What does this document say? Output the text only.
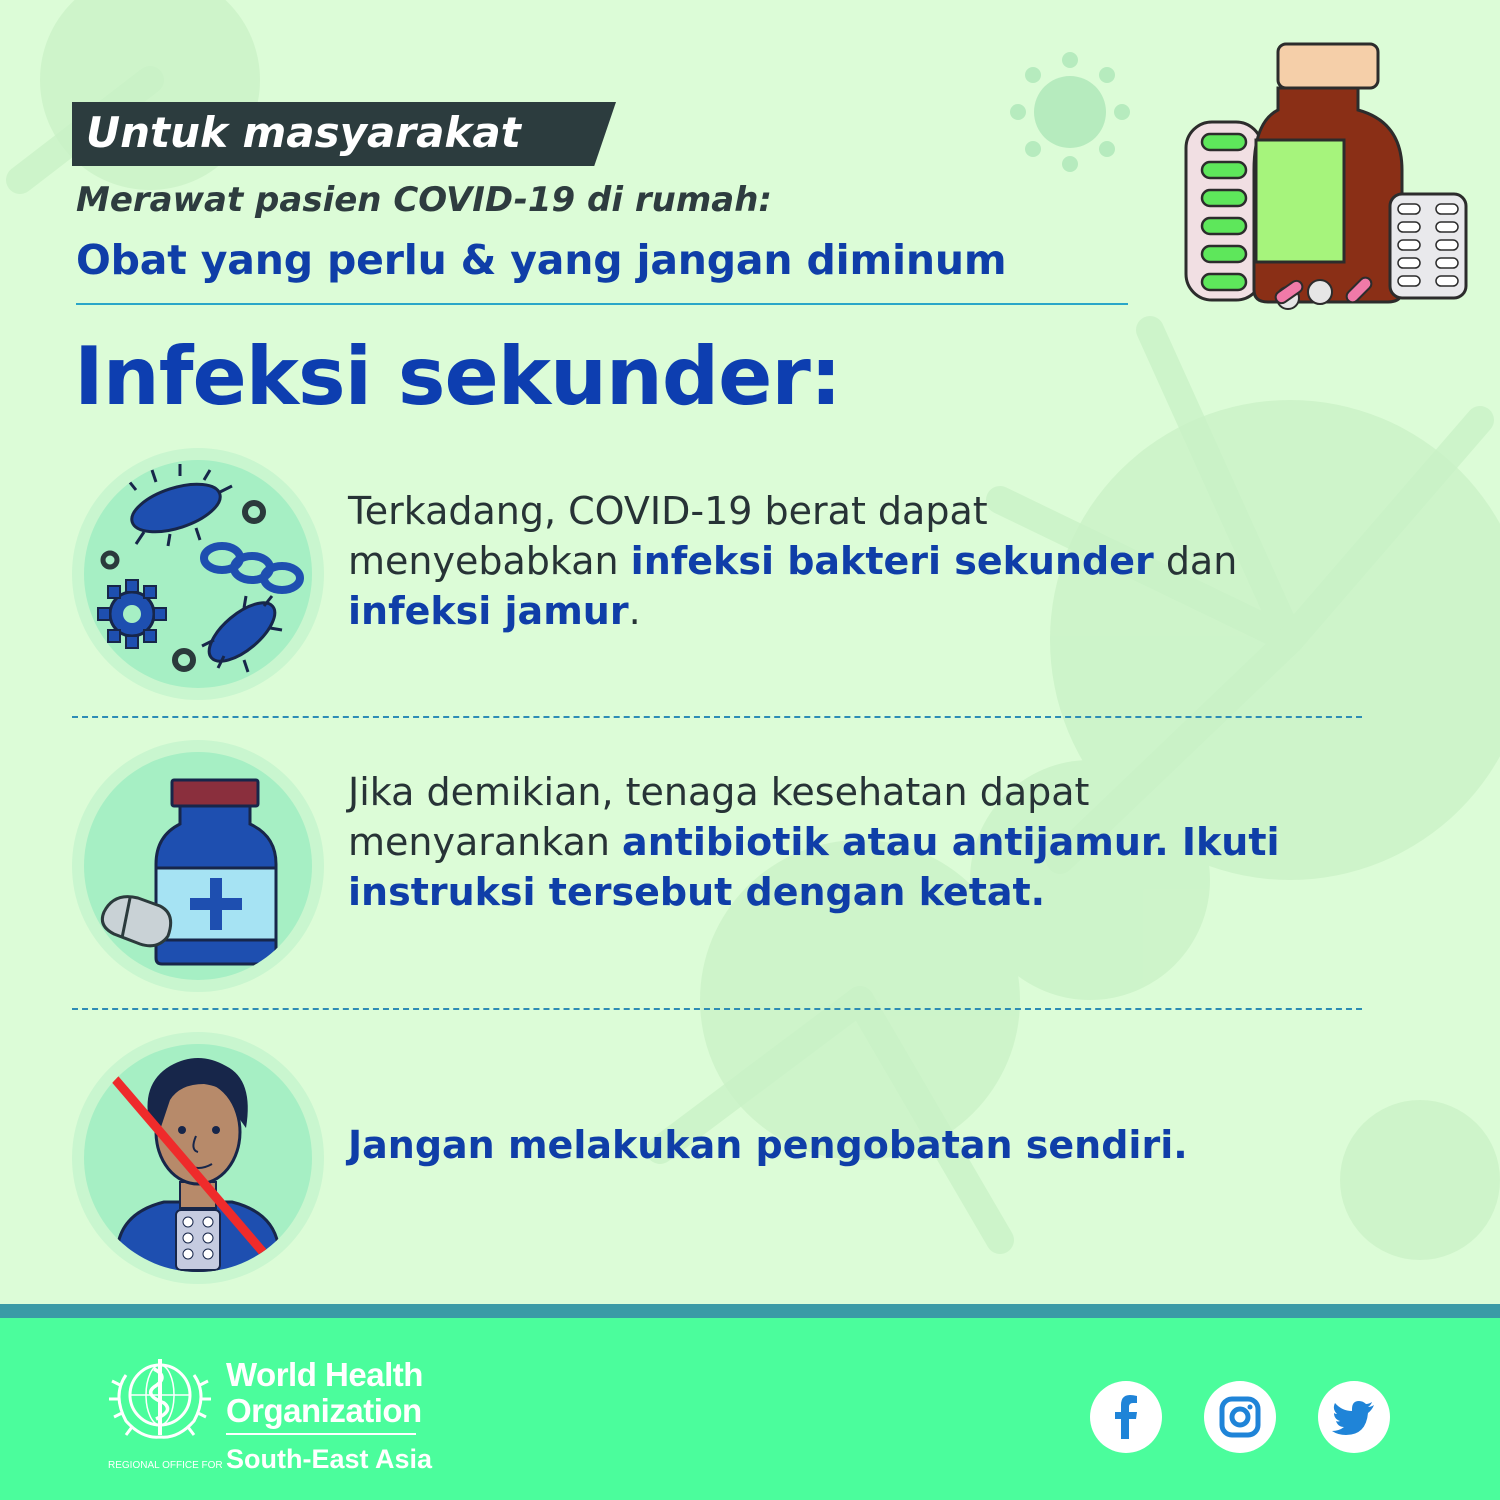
Untuk masyarakat
Merawat pasien COVID-19 di rumah:
Obat yang perlu & yang jangan diminum
Infeksi sekunder:
Terkadang, COVID-19 berat dapat
menyebabkan infeksi bakteri sekunder dan
infeksi jamur.
Jika demikian, tenaga kesehatan dapat
menyarankan antibiotik atau antijamur. Ikuti
instruksi tersebut dengan ketat.
Jangan melakukan pengobatan sendiri.
World Health
Organization
REGIONAL OFFICE FOR South-East Asia
